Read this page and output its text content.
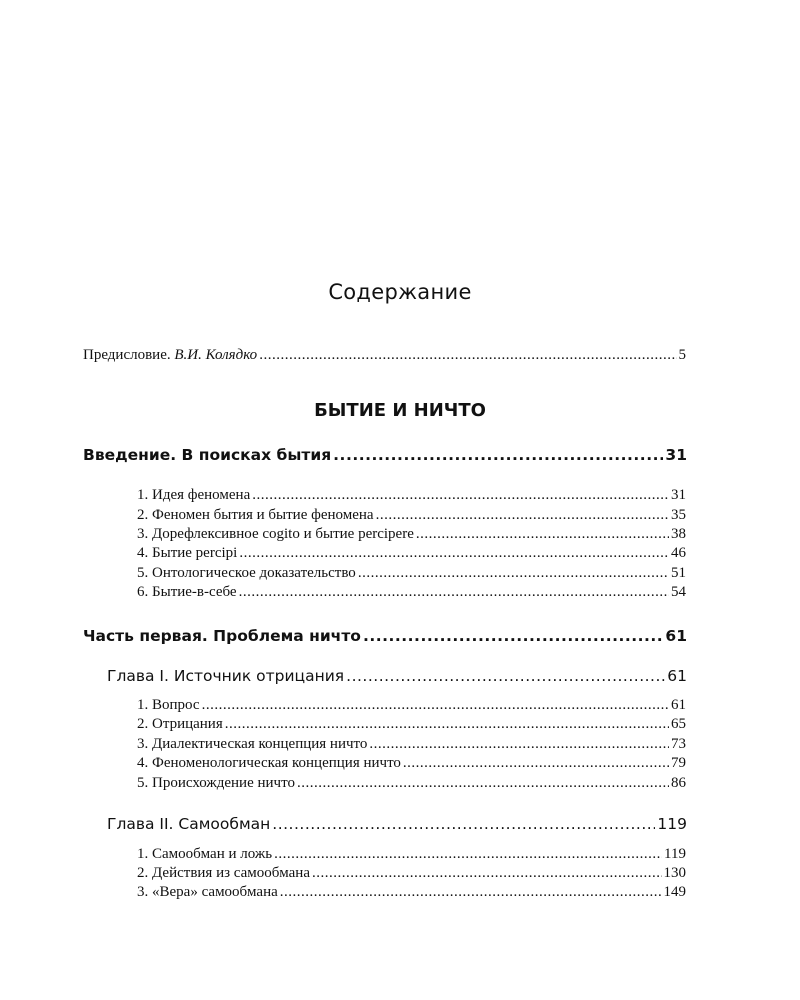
Содержание
Предисловие. В.И. Колядко .....	5
БЫТИЕ И НИЧТО
Введение. В поисках бытия .....	31
1. Идея феномена .....	31
2. Феномен бытия и бытие феномена .....	35
3. Дорефлексивное cogito и бытие percipere .....	38
4. Бытие percipi .....	46
5. Онтологическое доказательство .....	51
6. Бытие-в-себе .....	54
Часть первая. Проблема ничто .....	61
Глава I. Источник отрицания .....	61
1. Вопрос .....	61
2. Отрицания .....	65
3. Диалектическая концепция ничто .....	73
4. Феноменологическая концепция ничто .....	79
5. Происхождение ничто .....	86
Глава II. Самообман .....	119
1. Самообман и ложь .....	119
2. Действия из самообмана .....	130
3. «Вера» самообмана .....	149
